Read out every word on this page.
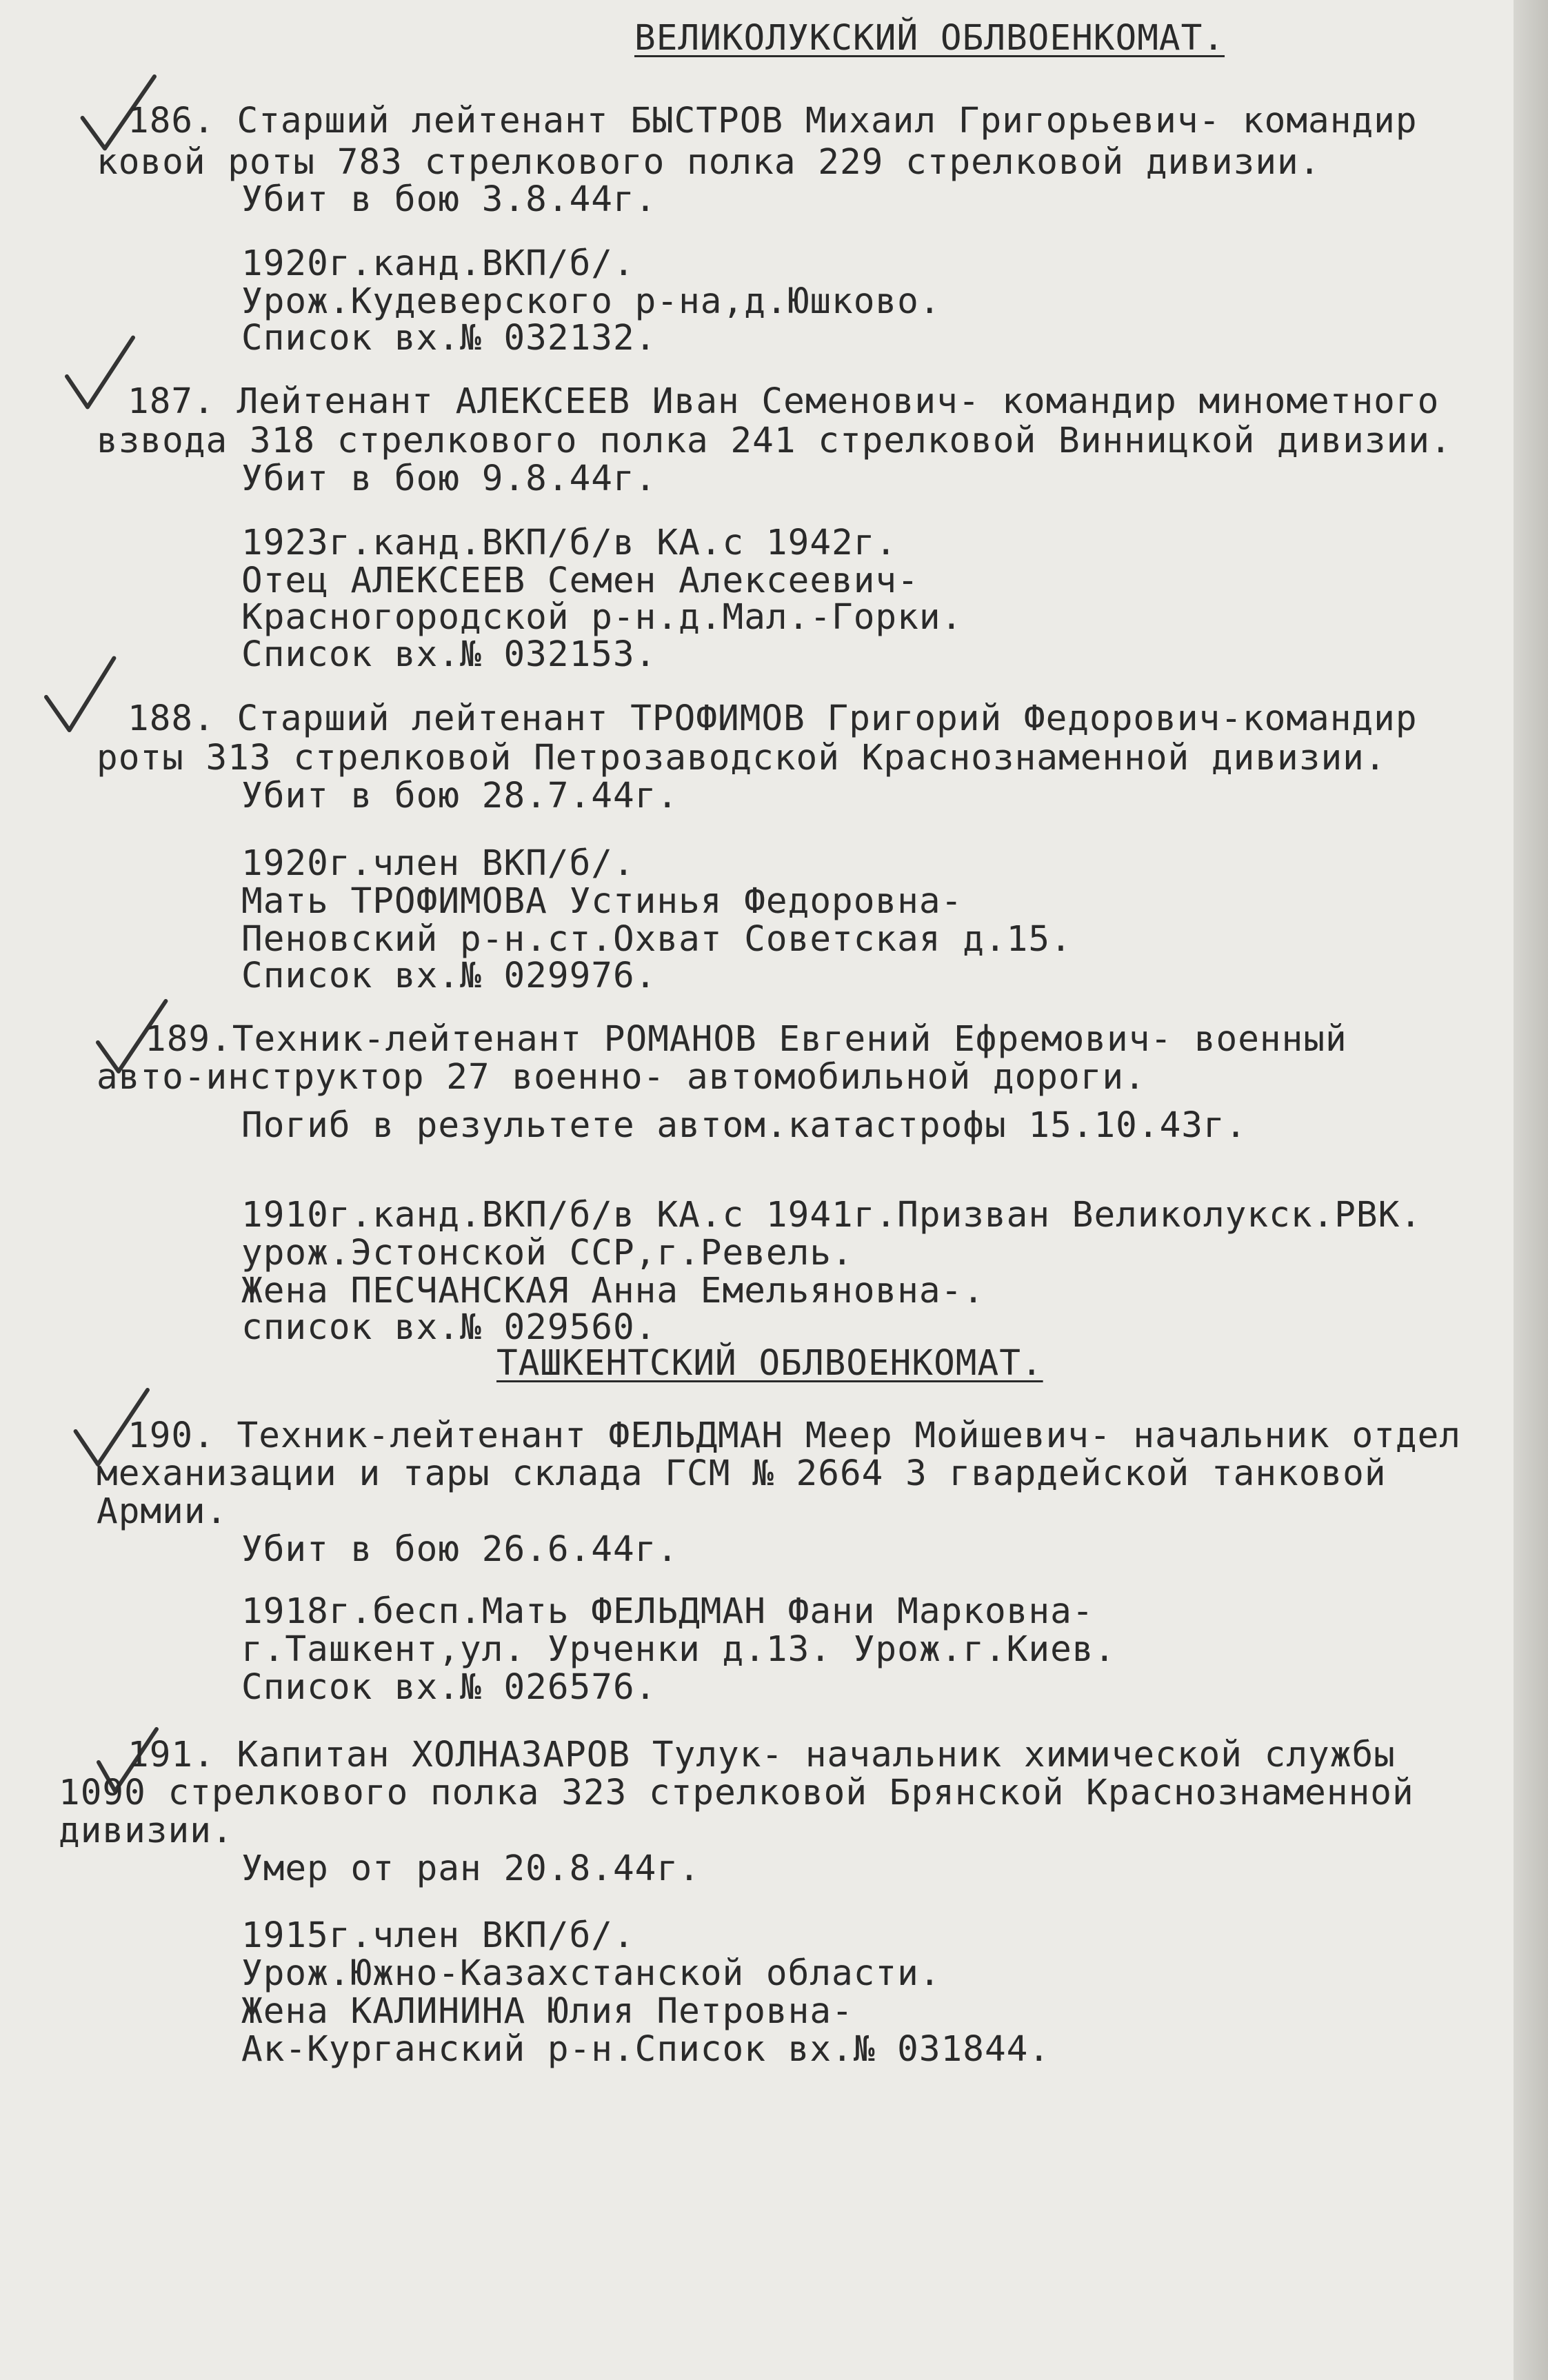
ВЕЛИКОЛУКСКИЙ ОБЛВОЕНКОМАТ.
186. Старший лейтенант БЫСТРОВ Михаил Григорьевич- командир
ковой роты 783 стрелкового полка 229 стрелковой дивизии.
Убит в бою 3.8.44г.
1920г.канд.ВКП/б/.
Урож.Кудеверского р-на,д.Юшково.
Список вх.№ 032132.
187. Лейтенант АЛЕКСЕЕВ Иван Семенович- командир минометного
взвода 318 стрелкового полка 241 стрелковой Винницкой дивизии.
Убит в бою 9.8.44г.
1923г.канд.ВКП/б/в КА.с 1942г.
Отец АЛЕКСЕЕВ Семен Алексеевич-
Красногородской р-н.д.Мал.-Горки.
Список вх.№ 032153.
188. Старший лейтенант ТРОФИМОВ Григорий Федорович-командир
роты 313 стрелковой Петрозаводской Краснознаменной дивизии.
Убит в бою 28.7.44г.
1920г.член ВКП/б/.
Мать ТРОФИМОВА Устинья Федоровна-
Пеновский р-н.ст.Охват Советская д.15.
Список вх.№ 029976.
189.Техник-лейтенант РОМАНОВ Евгений Ефремович- военный
авто-инструктор 27 военно- автомобильной дороги.
Погиб в результете автом.катастрофы 15.10.43г.
1910г.канд.ВКП/б/в КА.с 1941г.Призван Великолукск.РВК.
урож.Эстонской ССР,г.Ревель.
Жена ПЕСЧАНСКАЯ Анна Емельяновна-.
список вх.№ 029560.
ТАШКЕНТСКИЙ ОБЛВОЕНКОМАТ.
190. Техник-лейтенант ФЕЛЬДМАН Меер Мойшевич- начальник отдел
механизации и тары склада ГСМ № 2664 3 гвардейской танковой
Армии.
Убит в бою 26.6.44г.
1918г.бесп.Мать ФЕЛЬДМАН Фани Марковна-
г.Ташкент,ул. Урченки д.13. Урож.г.Киев.
Список вх.№ 026576.
191. Капитан ХОЛНАЗАРОВ Тулук- начальник химической службы
1090 стрелкового полка 323 стрелковой Брянской Краснознаменной
дивизии.
Умер от ран 20.8.44г.
1915г.член ВКП/б/.
Урож.Южно-Казахстанской области.
Жена КАЛИНИНА Юлия Петровна-
Ак-Курганский р-н.Список вх.№ 031844.
